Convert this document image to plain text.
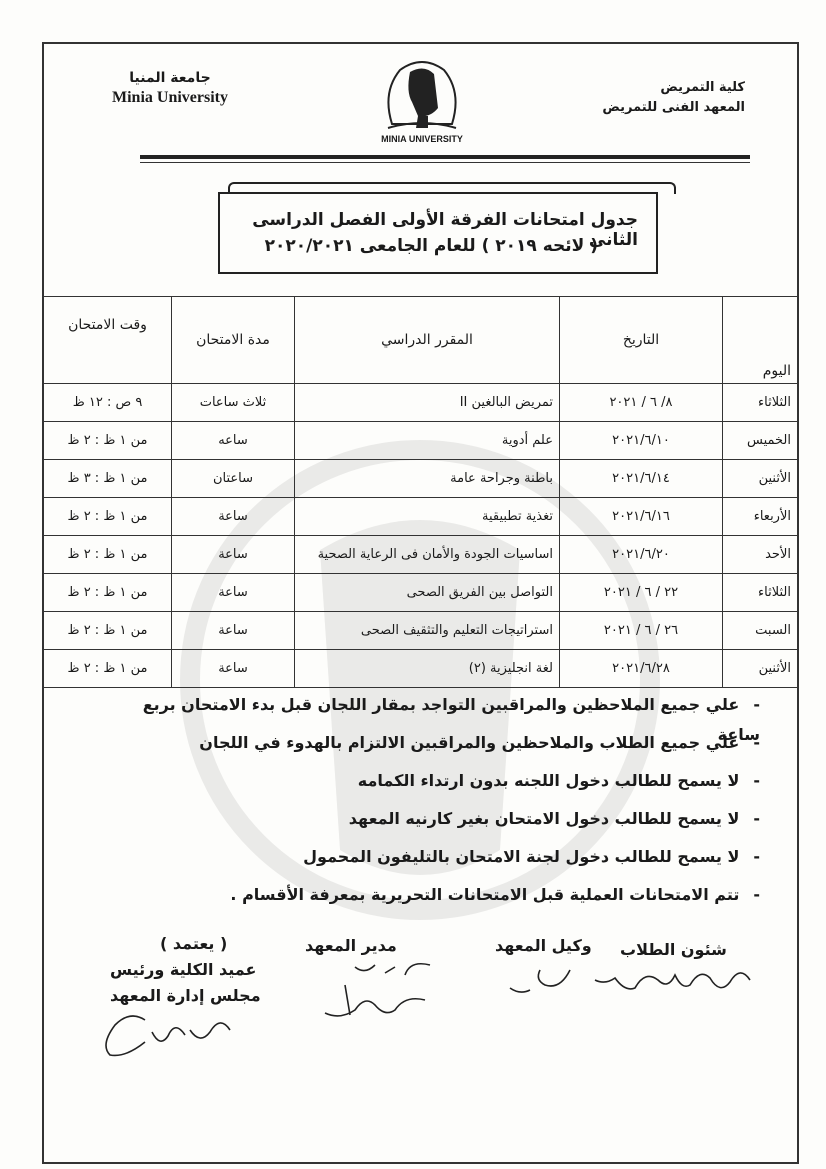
جامعة المنيا
Minia University
MINIA UNIVERSITY
كلية التمريض
المعهد الفنى للتمريض
جدول امتحانات الفرقة الأولى الفصل الدراسى الثانى
( لائحه ٢٠١٩ ) للعام الجامعى ٢٠٢٠/٢٠٢١
اليوم	التاريخ	المقرر الدراسي	مدة الامتحان	وقت الامتحان
الثلاثاء	٨/ ٦ / ٢٠٢١	تمريض البالغين II	ثلاث ساعات	٩ ص : ١٢ ظ
الخميس	٢٠٢١/٦/١٠	علم أدوية	ساعه	من ١ ظ : ٢ ظ
الأثنين	٢٠٢١/٦/١٤	باطنة وجراحة عامة	ساعتان	من ١ ظ : ٣ ظ
الأربعاء	٢٠٢١/٦/١٦	تغذية تطبيقية	ساعة	من ١ ظ : ٢ ظ
الأحد	٢٠٢١/٦/٢٠	اساسيات الجودة والأمان فى الرعاية الصحية	ساعة	من ١ ظ : ٢ ظ
الثلاثاء	٢٢ / ٦ / ٢٠٢١	التواصل بين الفريق الصحى	ساعة	من ١ ظ : ٢ ظ
السبت	٢٦ / ٦ / ٢٠٢١	استراتيجات التعليم والتثقيف الصحى	ساعة	من ١ ظ : ٢ ظ
الأثنين	٢٠٢١/٦/٢٨	لغة انجليزية (٢)	ساعة	من ١ ظ : ٢ ظ
- علي جميع الملاحظين والمراقبين التواجد بمقار اللجان قبل بدء الامتحان بربع ساعة
- علي جميع الطلاب والملاحظين والمراقبين الالتزام بالهدوء في اللجان
- لا يسمح للطالب دخول اللجنه بدون ارتداء الكمامه
- لا يسمح للطالب دخول الامتحان بغير كارنيه المعهد
- لا يسمح للطالب دخول لجنة الامتحان بالتليفون المحمول
- تتم الامتحانات العملية قبل الامتحانات التحريرية بمعرفة الأقسام .
شئون الطلاب
وكيل المعهد
مدير المعهد
( يعتمد )
عميد الكلية ورئيس
مجلس إدارة المعهد
